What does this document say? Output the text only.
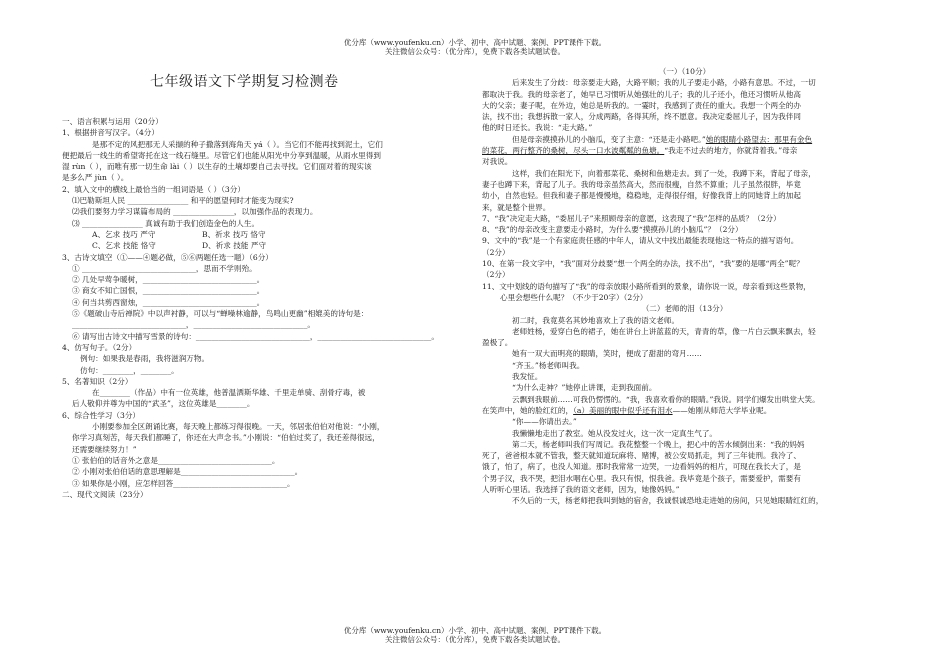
优分库（www.youfenku.cn）小学、初中、高中试题、案例、PPT课件下载。
关注微信公众号：（优分库），免费下载各类试题试卷。
七年级语文下学期复习检测卷
一、语言积累与运用（20分）
1、根据拼音写汉字。（4分）
是那不定的风把那无人采撷的种子撒落到海角天 yá（ ）。当它们不能再找到泥土，它们
便把最后一线生的希望寄托在这一线石缝里。尽管它们也能从阳光中分享到温暖，从雨水里得到
湿 rùn（ ），而唯有那一切生命 lài（ ）以生存的土壤却要自己去寻找。它们面对着的现实该
是多么严 jùn（ ）。
2、填入文中的横线上最恰当的一组词语是（ ）（3分）
⑴巴勒斯坦人民 ________________ 和平的愿望何时才能变为现实?
⑵我们要努力学习谋篇布局的 ________________，以加强作品的表现力。
⑶ ________________ 真诚有助于我们创造金色的人生。
A、乞求 技巧 严守	B、祈求 技巧 恪守
C、乞求 技能 恪守	D、祈求 技能 严守
3、古诗文填空（①——④题必做，⑤⑥两题任选一题）（6分）
① ______________________________，思而不学则殆。
② 几处早莺争暖树，______________________________。
③ 商女不知亡国恨，______________________________。
④ 何当共剪西窗烛，______________________________。
⑤《题破山寺后禅院》中以声衬静，可以与“蝉噪林逾静，鸟鸣山更幽”相媲美的诗句是：
______________________________，______________________________。
⑥ 请写出古诗文中描写雪景的诗句：______________________________，______________________________。
4、仿写句子。（2分）
例句：如果我是春雨，我将滋润万物。
仿句：________，________。
5、名著知识（2分）
在________（作品）中有一位英雄，他普温洒斯华雄、千里走单骑、刮骨疗毒，被
后人敬仰并尊为中国的“武圣”，这位英雄是________。
6、综合性学习（3分）
小刚要参加全区朗诵比赛，每天晚上都练习得很晚。一天，邻居张伯伯对他说：“小刚，
你学习真刻苦，每天我们都睡了，你还在大声念书。”小刚说：“伯伯过奖了，我还差得很远，
还需要继续努力！”
① 张伯伯的话音外之意是______________________________。
② 小刚对张伯伯话的意思理解是______________________________。
③ 如果你是小刚，应怎样回答______________________________。
二、现代文阅读（23分）
（一）（10分）
后来发生了分歧：母亲要走大路，大路平顺；我的儿子要走小路，小路有意思。不过，一切
都取决于我。我的母亲老了，她早已习惯听从她强壮的儿子；我的儿子还小，他还习惯听从他高
大的父亲；妻子呢，在外边，她总是听我的。一霎时，我感到了责任的重大。我想一个两全的办
法，找不出；我想拆散一家人，分成两路，各得其所，终不愿意。我决定委屈儿子，因为我伴同
他的时日还长。我说：“走大路。”
但是母亲摸摸孙儿的小脑瓜，变了主意：“还是走小路吧。”她的眼睛小路望去：那里有金色
的菜花，两行整齐的桑树，尽头一口水波粼粼的鱼塘。“我走不过去的地方，你就背着我。”母亲
对我说。
这样，我们在阳光下，向着那菜花、桑树和鱼塘走去。到了一处，我蹲下来，背起了母亲，
妻子也蹲下来，背起了儿子。我的母亲虽然高大，然而很瘦，自然不算重；儿子虽然很胖，毕竟
幼小，自然也轻。但我和妻子都是慢慢地，稳稳地，走得很仔细，好像我背上的同她背上的加起
来，就是整个世界。
7、“我”决定走大路，“委屈儿子”来照顾母亲的意愿，这表现了“我”怎样的品质？（2分）
8、“我”的母亲改变主意要走小路时，为什么要“摸摸孙儿的小脑瓜”？（2分）
9、文中的“我”是一个有家庭责任感的中年人，请从文中找出最能表现他这一特点的描写语句。
（2分）
10、在第一段文字中，“我”面对分歧要“想一个两全的办法，找不出”，“我”要的是哪“两全”呢？
（2分）
11、文中划线的语句描写了“我”的母亲放眼小路所看到的景象，请你说一说，母亲看到这些景物，
心里会想些什么呢？（不少于20字）（2分）
（二）老师的泪（13分）
初二时，我竟莫名其妙地喜欢上了我的语文老师。
老师姓杨，爱穿白色的裙子，她在讲台上讲蓝蓝的天，青青的草，像一片白云飘来飘去，轻
盈极了。
她有一双大而明亮的眼睛，笑时，便成了甜甜的弯月……
“齐玉。”杨老师叫我。
我发怔。
“为什么走神？”她停止讲课，走到我面前。
云飘到我眼前……可我仍愣愣的。“我，我喜欢看你的眼睛。”我说。同学们爆发出哄堂大笑。
在笑声中，她的脸红红的，（a）美丽的眼中似乎还有泪水——她刚从师范大学毕业呢。
“你——你请出去。”
我懒懒地走出了教室。她从没发过火，这一次一定真生气了。
第二天，杨老师叫我们写周记。我花整整一个晚上，把心中的苦水倾倒出来：“我的妈妈
死了，爸爸根本就不管我，整天就知道玩麻将、赌博，被公安局抓走，判了三年徒刑。我冷了、
饿了，怕了，病了，也没人知道。那时我常常一边哭，一边看妈妈的相片，可现在我长大了，是
个男子汉，我不哭，把泪水咽在心里。我只有恨，恨我爸。我毕竟是个孩子，需要爱护，需要有
人听听心里话。我选择了我的语文老师，因为，她像妈妈。”
不久后的一天，杨老师把我叫到她的宿舍，我诚恨诚恐地走进她的房间，只见她眼睛红红的，
优分库（www.youfenku.cn）小学、初中、高中试题、案例、PPT课件下载。
关注微信公众号：（优分库），免费下载各类试题试卷。
